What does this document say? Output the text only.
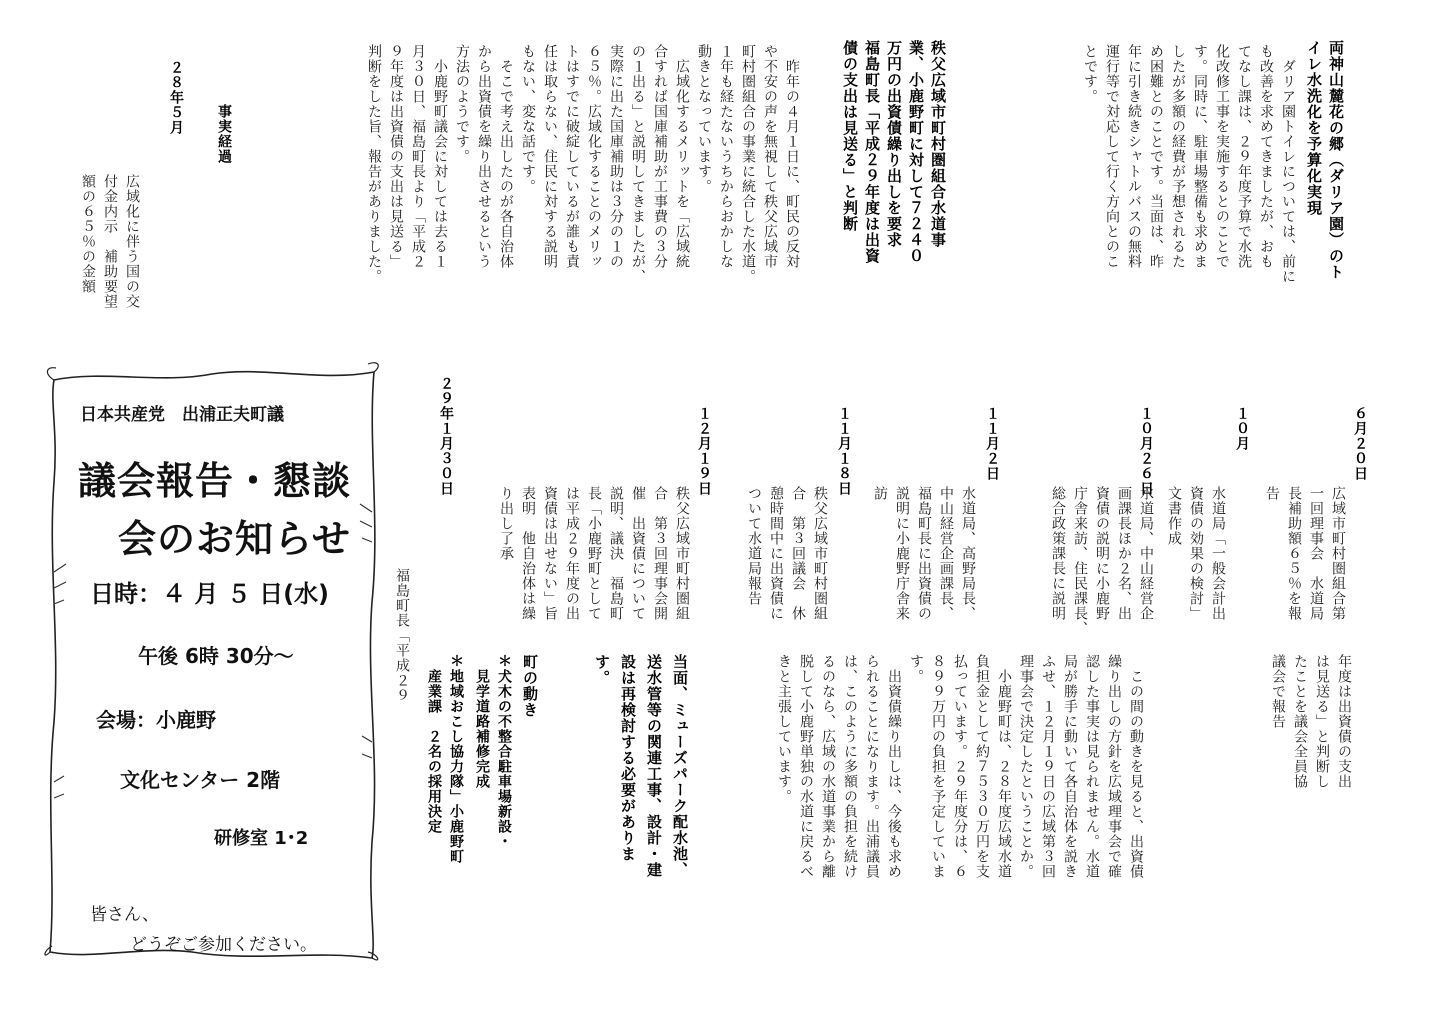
両神山麓花の郷（ダリア園）のト
イレ水洗化を予算化実現
　ダリア園トイレについては、前に
も改善を求めてきましたが、おも
てなし課は、２９年度予算で水洗
化改修工事を実施するとのことで
す。同時に、駐車場整備も求めま
したが多額の経費が予想されるた
め困難とのことです。当面は、昨
年に引き続きシャトルバスの無料
運行等で対応して行く方向とのこ
とです。
秩父広域市町村圏組合水道事
業、小鹿野町に対して７２４０
万円の出資債繰り出しを要求
福島町長「平成２９年度は出資
債の支出は見送る」と判断
　昨年の４月１日に、町民の反対
や不安の声を無視して秩父広域市
町村圏組合の事業に統合した水道。
１年も経たないうちからおかしな
動きとなっています。
　広域化するメリットを「広域統
合すれば国庫補助が工事費の３分
の１出る」と説明してきましたが、
実際に出た国庫補助は３分の１の
６５％。広域化することのメリッ
トはすでに破綻しているが誰も責
任は取らない、住民に対する説明
もない、変な話です。
　そこで考え出したのが各自治体
から出資債を繰り出させるという
方法のようです。
　小鹿野町議会に対しては去る１
月３０日、福島町長より「平成２
９年度は出資債の支出は見送る」
判断をした旨、報告がありました。
事実経過
２８年５月
広域化に伴う国の交
付金内示　補助要望
額の６５％の金額
６月２０日
広域市町村圏組合第
一回理事会　水道局
長補助額６５％を報
告
１０月
水道局「一般会計出
資債の効果の検討」
文書作成
１０月２６日
水道局、中山経営企
画課長ほか２名、出
資債の説明に小鹿野
庁舎来訪、住民課長、
総合政策課長に説明
１１月２日
水道局、高野局長、
中山経営企画課長、
福島町長に出資債の
説明に小鹿野庁舎来
訪
１１月１８日
秩父広域市町村圏組
合　第３回議会　休
憩時間中に出資債に
ついて水道局報告
１２月１９日
秩父広域市町村圏組
合　第３回理事会開
催　出資債について
説明、議決　福島町
長「小鹿野町として
は平成２９年度の出
資債は出せない」旨
表明　他自治体は繰
り出し了承
２９年１月３０日
福島町長「平成２９
年度は出資債の支出
は見送る」と判断し
たことを議会全員協
議会で報告
　この間の動きを見ると、出資債
繰り出しの方針を広域理事会で確
認した事実は見られません。水道
局が勝手に動いて各自治体を説き
ふせ、１２月１９日の広域第３回
理事会で決定したということか。
　小鹿野町は、２８年度広域水道
負担金として約７５３０万円を支
払っています。２９年度分は、６
８９９万円の負担を予定していま
す。
　出資債繰り出しは、今後も求め
られることになります。出浦議員
は、このように多額の負担を続け
るのなら、広域の水道事業から離
脱して小鹿野単独の水道に戻るべ
きと主張しています。
当面、ミューズパーク配水池、
送水管等の関連工事、設計・建
設は再検討する必要がありま
す。
町の動き
＊犬木の不整合駐車場新設・
　見学道路補修完成
＊地域おこし協力隊」小鹿野町
　産業課　２名の採用決定
日本共産党　出浦正夫町議
議会報告・懇談
会のお知らせ
日時：４ 月 ５ 日(水)
午後 6時 30分～
会場：小鹿野
文化センター 2階
研修室 1･2
皆さん、
どうぞご参加ください。
